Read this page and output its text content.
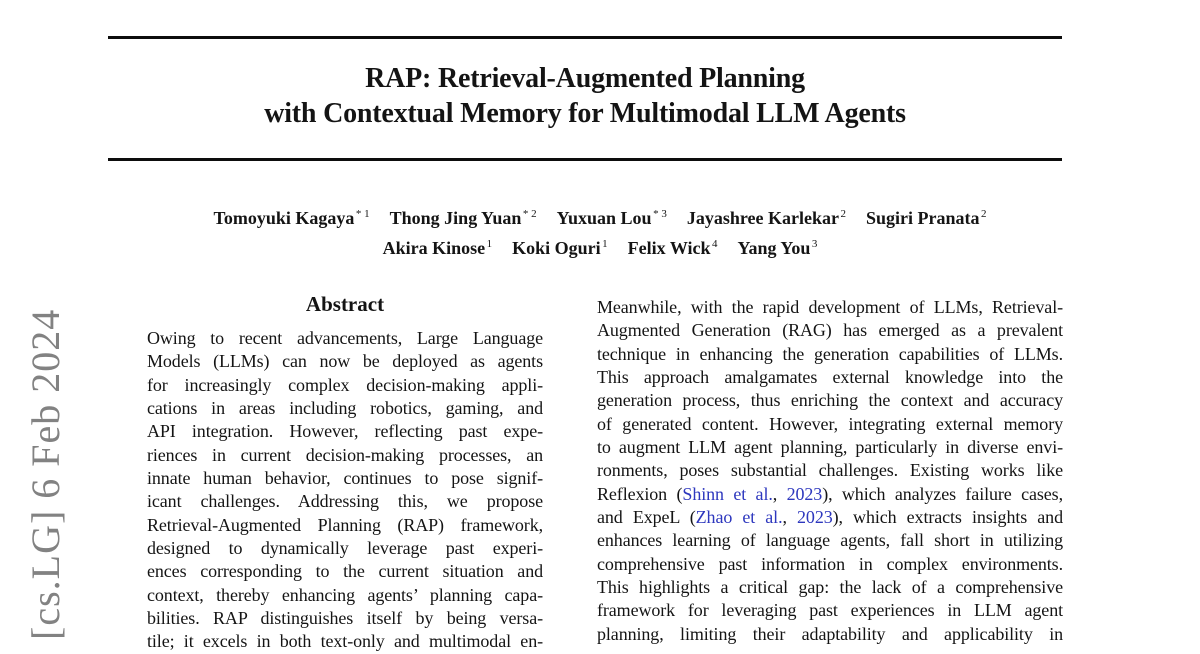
[cs.LG] 6 Feb 2024
RAP: Retrieval-Augmented Planning
with Contextual Memory for Multimodal LLM Agents
Tomoyuki Kagaya $^{* 1}$ Thong Jing Yuan $^{* 2}$ Yuxuan Lou $^{* 3}$ Jayashree Karlekar $^2$ Sugiri Pranata $^2$
Akira Kinose $^1$ Koki Oguri $^1$ Felix Wick $^4$ Yang You $^3$
Abstract
Owing to recent advancements, Large Language
Models (LLMs) can now be deployed as agents
for increasingly complex decision-making appli-
cations in areas including robotics, gaming, and
API integration. However, reflecting past expe-
riences in current decision-making processes, an
innate human behavior, continues to pose signif-
icant challenges. Addressing this, we propose
Retrieval-Augmented Planning (RAP) framework,
designed to dynamically leverage past experi-
ences corresponding to the current situation and
context, thereby enhancing agents’ planning capa-
bilities. RAP distinguishes itself by being versa-
tile; it excels in both text-only and multimodal en-
Meanwhile, with the rapid development of LLMs, Retrieval-
Augmented Generation (RAG) has emerged as a prevalent
technique in enhancing the generation capabilities of LLMs.
This approach amalgamates external knowledge into the
generation process, thus enriching the context and accuracy
of generated content. However, integrating external memory
to augment LLM agent planning, particularly in diverse envi-
ronments, poses substantial challenges. Existing works like
Reflexion (Shinn et al., 2023), which analyzes failure cases,
and ExpeL (Zhao et al., 2023), which extracts insights and
enhances learning of language agents, fall short in utilizing
comprehensive past information in complex environments.
This highlights a critical gap: the lack of a comprehensive
framework for leveraging past experiences in LLM agent
planning, limiting their adaptability and applicability in
